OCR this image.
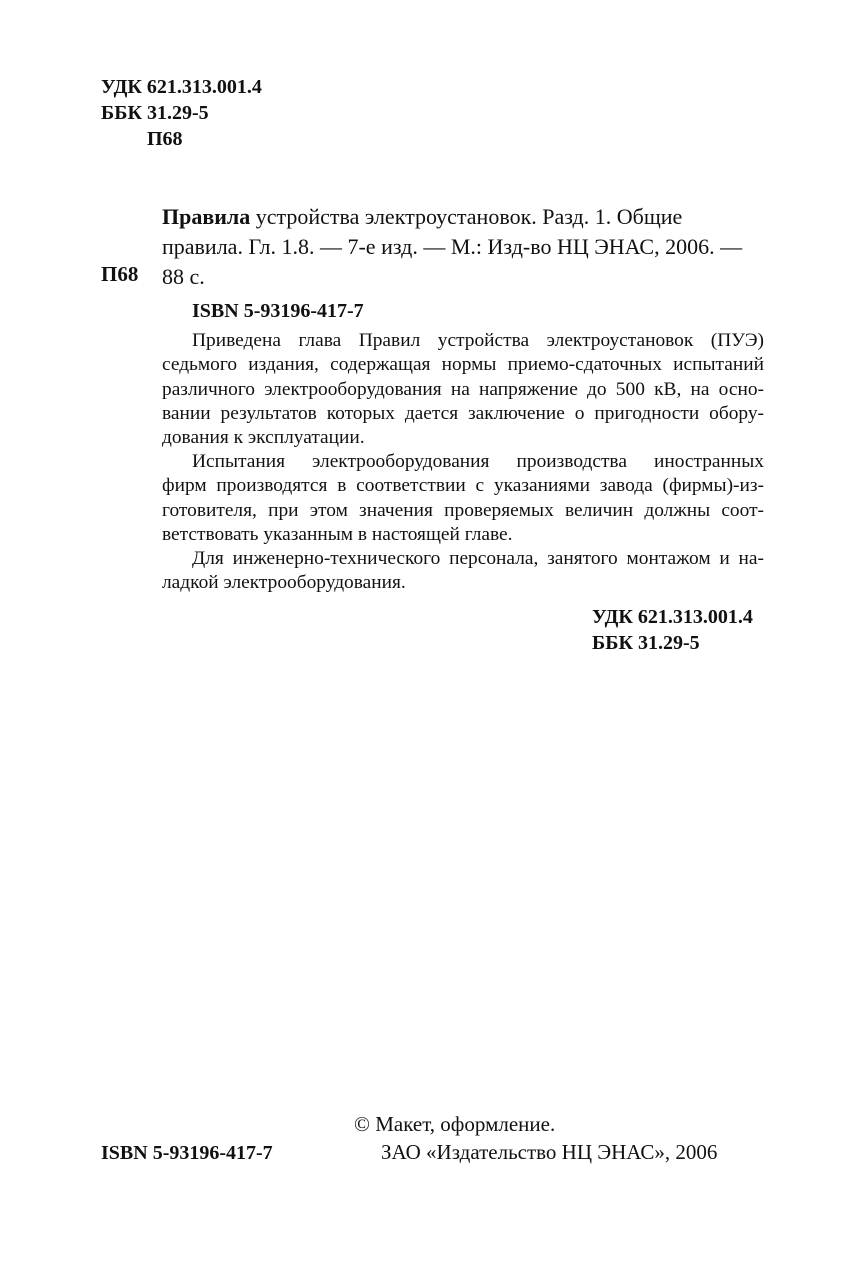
УДК 621.313.001.4
ББК 31.29-5
П68
Правила устройства электроустановок. Разд. 1. Общие
правила. Гл. 1.8. — 7-е изд. — М.: Изд-во НЦ ЭНАС, 2006. —
88 с.
П68
ISBN 5-93196-417-7
Приведена глава Правил устройства электроустановок (ПУЭ)
седьмого издания, содержащая нормы приемо-сдаточных испытаний
различного электрооборудования на напряжение до 500 кВ, на осно-
вании результатов которых дается заключение о пригодности обору-
дования к эксплуатации.
Испытания электрооборудования производства иностранных
фирм производятся в соответствии с указаниями завода (фирмы)-из-
готовителя, при этом значения проверяемых величин должны соот-
ветствовать указанным в настоящей главе.
Для инженерно-технического персонала, занятого монтажом и на-
ладкой электрооборудования.
УДК 621.313.001.4
ББК 31.29-5
ISBN 5-93196-417-7
© Макет, оформление.
ЗАО «Издательство НЦ ЭНАС», 2006
